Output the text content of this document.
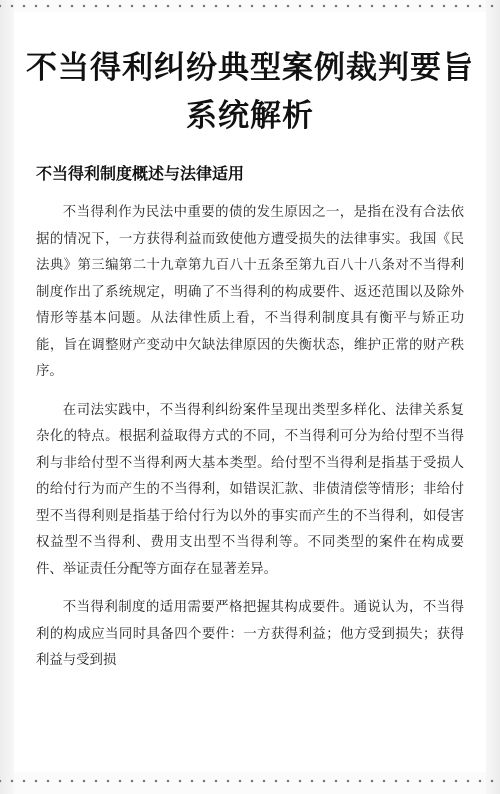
不当得利纠纷典型案例裁判要旨系统解析
不当得利制度概述与法律适用

不当得利作为民法中重要的债的发生原因之一，是指在没有合法依据的情况下，一方获得利益而致使他方遭受损失的法律事实。我国《民法典》第三编第二十九章第九百八十五条至第九百八十八条对不当得利制度作出了系统规定，明确了不当得利的构成要件、返还范围以及除外情形等基本问题。从法律性质上看，不当得利制度具有衡平与矫正功能，旨在调整财产变动中欠缺法律原因的失衡状态，维护正常的财产秩序。

在司法实践中，不当得利纠纷案件呈现出类型多样化、法律关系复杂化的特点。根据利益取得方式的不同，不当得利可分为给付型不当得利与非给付型不当得利两大基本类型。给付型不当得利是指基于受损人的给付行为而产生的不当得利，如错误汇款、非债清偿等情形；非给付型不当得利则是指基于给付行为以外的事实而产生的不当得利，如侵害权益型不当得利、费用支出型不当得利等。不同类型的案件在构成要件、举证责任分配等方面存在显著差异。

不当得利制度的适用需要严格把握其构成要件。通说认为，不当得利的构成应当同时具备四个要件：一方获得利益；他方受到损失；获得利益与受到损
